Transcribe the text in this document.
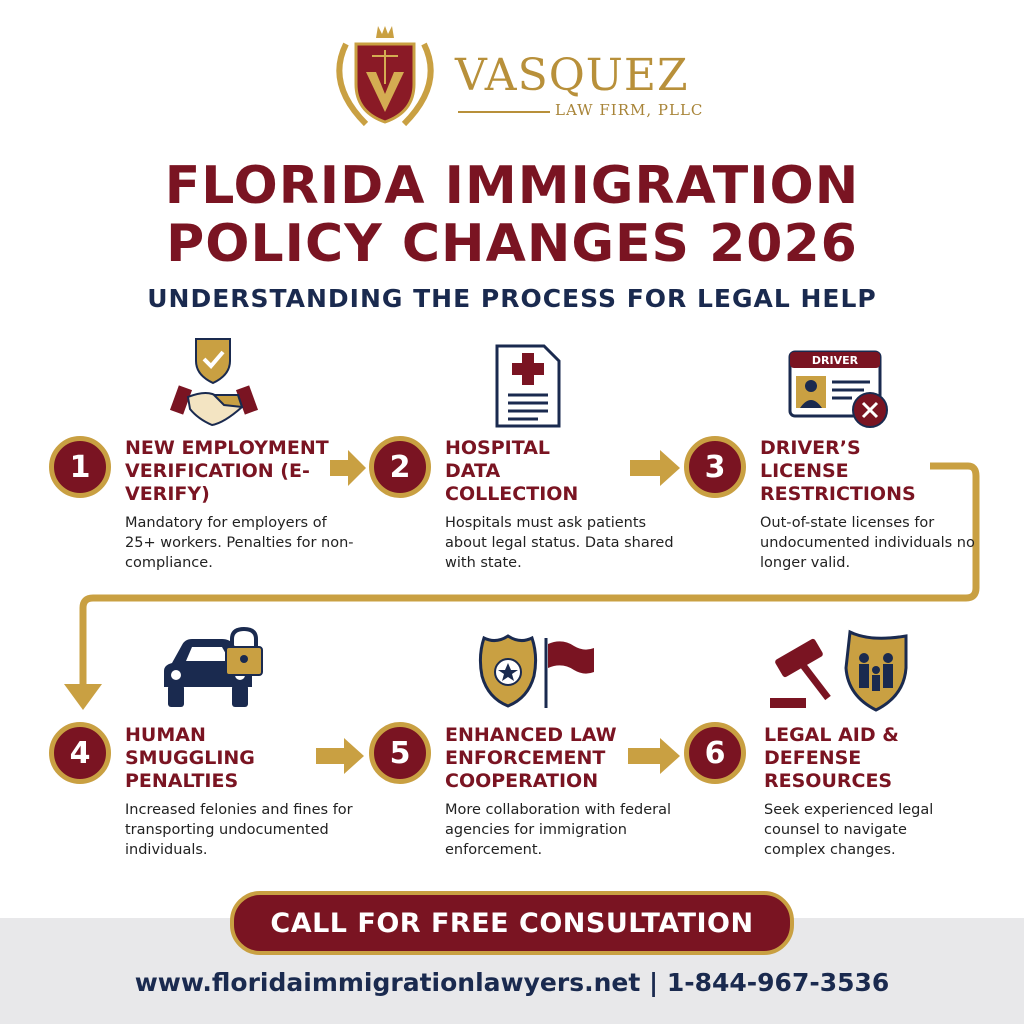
VASQUEZ
LAW FIRM, PLLC
FLORIDA IMMIGRATION
POLICY CHANGES 2026
UNDERSTANDING THE PROCESS FOR LEGAL HELP
DRIVER
1
NEW EMPLOYMENT VERIFICATION (E-VERIFY)
Mandatory for employers of 25+ workers. Penalties for non-compliance.
2
HOSPITAL DATA COLLECTION
Hospitals must ask patients about legal status. Data shared with state.
3
DRIVER’S LICENSE RESTRICTIONS
Out-of-state licenses for undocumented individuals no longer valid.
4
HUMAN SMUGGLING PENALTIES
Increased felonies and fines for transporting undocumented individuals.
5
ENHANCED LAW ENFORCEMENT COOPERATION
More collaboration with federal agencies for immigration enforcement.
6
LEGAL AID & DEFENSE RESOURCES
Seek experienced legal counsel to navigate complex changes.
CALL FOR FREE CONSULTATION
www.floridaimmigrationlawyers.net | 1-844-967-3536
